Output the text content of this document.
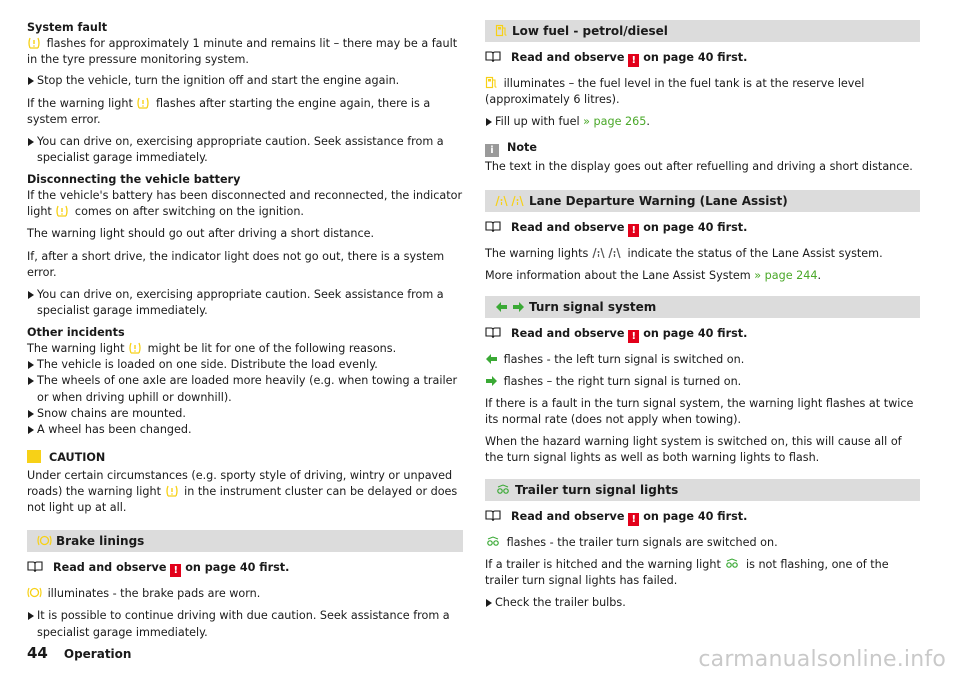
System fault

flashes for approximately 1 minute and remains lit – there may be a fault in the tyre pressure monitoring system.

Stop the vehicle, turn the ignition off and start the engine again.

If the warning light flashes after starting the engine again, there is a system error.

You can drive on, exercising appropriate caution. Seek assistance from a specialist garage immediately.

Disconnecting the vehicle battery
If the vehicle's battery has been disconnected and reconnected, the indicator light comes on after switching on the ignition.

The warning light should go out after driving a short distance.

If, after a short drive, the indicator light does not go out, there is a system error.

You can drive on, exercising appropriate caution. Seek assistance from a specialist garage immediately.

Other incidents
The warning light might be lit for one of the following reasons.

The vehicle is loaded on one side. Distribute the load evenly.
The wheels of one axle are loaded more heavily (e.g. when towing a trailer or when driving uphill or downhill).
Snow chains are mounted.
A wheel has been changed.
CAUTION

Under certain circumstances (e.g. sporty style of driving, wintry or unpaved roads) the warning light in the instrument cluster can be delayed or does not light up at all.

Brake linings
Read and observe ! on page 40 first.

illuminates - the brake pads are worn.

It is possible to continue driving with due caution. Seek assistance from a specialist garage immediately.
Low fuel - petrol/diesel
Read and observe ! on page 40 first.

illuminates – the fuel level in the fuel tank is at the reserve level (approximately 6 litres).

Fill up with fuel » page 265.
i Note

The text in the display goes out after refuelling and driving a short distance.

Lane Departure Warning (Lane Assist)
Read and observe ! on page 40 first.

The warning lights	indicate the status of the Lane Assist system.

More information about the Lane Assist System » page 244.

Turn signal system
Read and observe ! on page 40 first.

flashes - the left turn signal is switched on.

flashes – the right turn signal is turned on.

If there is a fault in the turn signal system, the warning light flashes at twice its normal rate (does not apply when towing).

When the hazard warning light system is switched on, this will cause all of the turn signal lights as well as both warning lights to flash.

Trailer turn signal lights
Read and observe ! on page 40 first.

flashes - the trailer turn signals are switched on.

If a trailer is hitched and the warning light is not flashing, one of the trailer turn signal lights has failed.

Check the trailer bulbs.
44 Operation	carmanualsonline.info
